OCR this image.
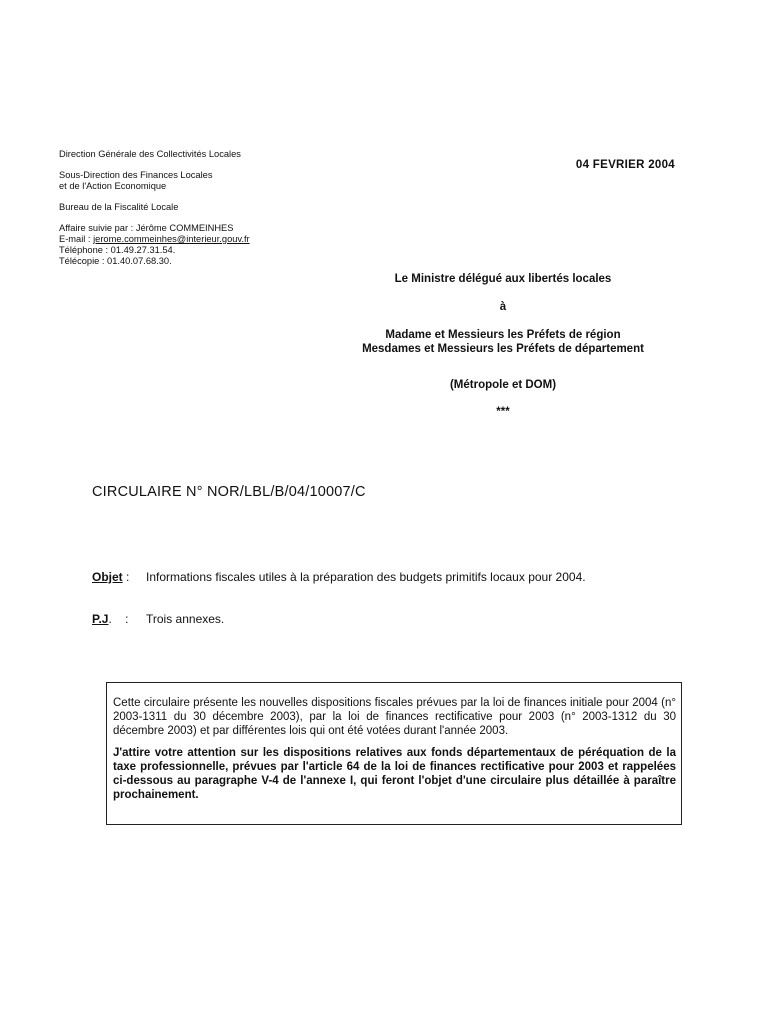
Direction Générale des Collectivités Locales
Sous-Direction des Finances Locales
et de l'Action Economique
Bureau de la Fiscalité Locale
Affaire suivie par : Jérôme COMMEINHES
E-mail : jerome.commeinhes@interieur.gouv.fr
Téléphone : 01.49.27.31.54.
Télécopie : 01.40.07.68.30.
04 FEVRIER 2004
Le Ministre délégué aux libertés locales
à
Madame et Messieurs les Préfets de région
Mesdames et Messieurs les Préfets de département
(Métropole et DOM)
***
CIRCULAIRE N° NOR/LBL/B/04/10007/C
Objet : Informations fiscales utiles à la préparation des budgets primitifs locaux pour 2004.
P.J.    : Trois annexes.

Cette circulaire présente les nouvelles dispositions fiscales prévues par la loi de finances initiale pour 2004 (n° 2003-1311 du 30 décembre 2003), par la loi de finances rectificative pour 2003 (n° 2003-1312 du 30 décembre 2003) et par différentes lois qui ont été votées durant l'année 2003.

J'attire votre attention sur les dispositions relatives aux fonds départementaux de péréquation de la taxe professionnelle, prévues par l'article 64 de la loi de finances rectificative pour 2003 et rappelées ci-dessous au paragraphe V-4 de l'annexe I, qui feront l'objet d'une circulaire plus détaillée à paraître prochainement.
